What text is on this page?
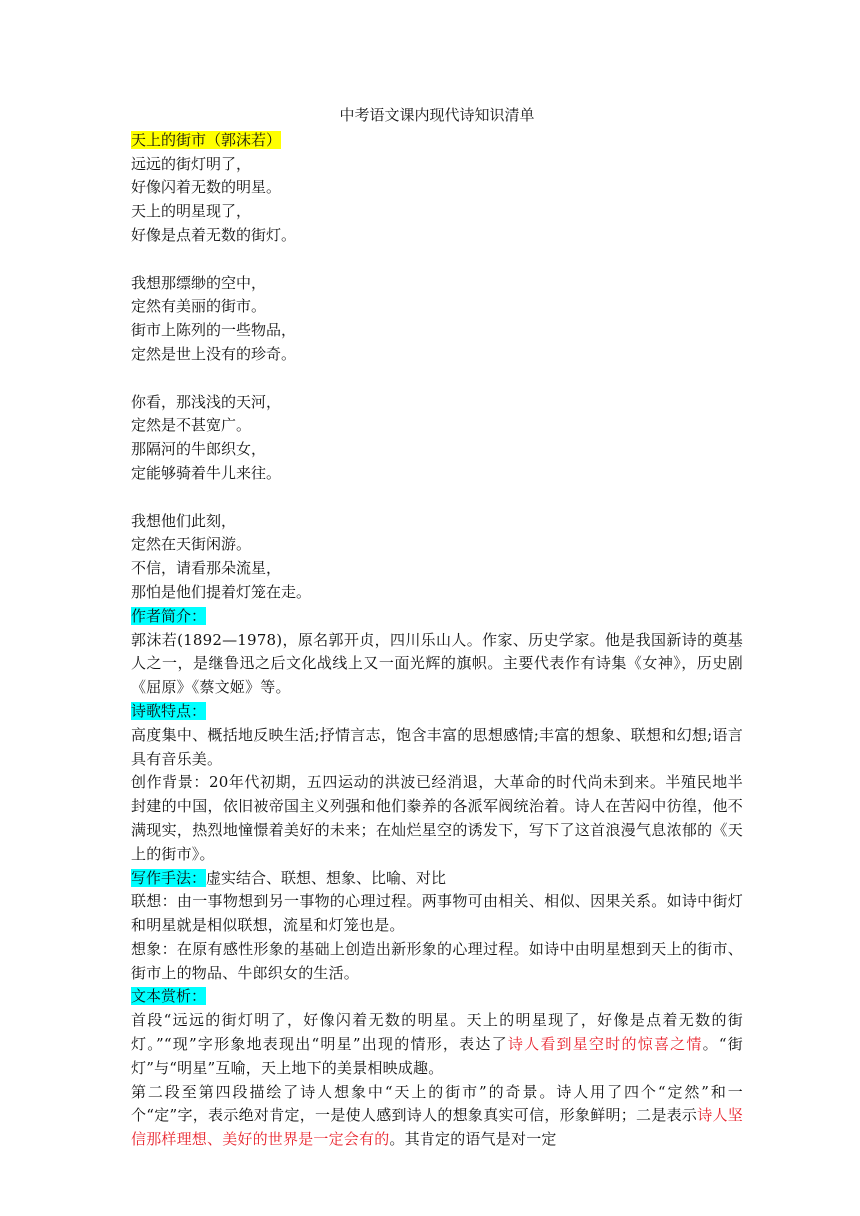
中考语文课内现代诗知识清单

天上的街市（郭沫若）

远远的街灯明了，

好像闪着无数的明星。

天上的明星现了，

好像是点着无数的街灯。

我想那缥缈的空中，

定然有美丽的街市。

街市上陈列的一些物品，

定然是世上没有的珍奇。

你看，那浅浅的天河，

定然是不甚宽广。

那隔河的牛郎织女，

定能够骑着牛儿来往。

我想他们此刻，

定然在天街闲游。

不信，请看那朵流星，

那怕是他们提着灯笼在走。

作者简介：

郭沫若(1892—1978)，原名郭开贞，四川乐山人。作家、历史学家。他是我国新诗的奠基人之一，是继鲁迅之后文化战线上又一面光辉的旗帜。主要代表作有诗集《女神》，历史剧《屈原》《蔡文姬》等。

诗歌特点：

高度集中、概括地反映生活;抒情言志，饱含丰富的思想感情;丰富的想象、联想和幻想;语言具有音乐美。

创作背景：20年代初期，五四运动的洪波已经消退，大革命的时代尚未到来。半殖民地半封建的中国，依旧被帝国主义列强和他们豢养的各派军阀统治着。诗人在苦闷中彷徨，他不满现实，热烈地憧憬着美好的未来；在灿烂星空的诱发下，写下了这首浪漫气息浓郁的《天上的街市》。

写作手法：虚实结合、联想、想象、比喻、对比

联想：由一事物想到另一事物的心理过程。两事物可由相关、相似、因果关系。如诗中街灯和明星就是相似联想，流星和灯笼也是。

想象：在原有感性形象的基础上创造出新形象的心理过程。如诗中由明星想到天上的街市、街市上的物品、牛郎织女的生活。

文本赏析：

首段“远远的街灯明了，好像闪着无数的明星。天上的明星现了，好像是点着无数的街灯。”“现”字形象地表现出“明星”出现的情形，表达了诗人看到星空时的惊喜之情。“街灯”与“明星”互喻，天上地下的美景相映成趣。

第二段至第四段描绘了诗人想象中“天上的街市”的奇景。诗人用了四个“定然”和一个“定”字，表示绝对肯定，一是使人感到诗人的想象真实可信，形象鲜明；二是表示诗人坚信那样理想、美好的世界是一定会有的。其肯定的语气是对一定
